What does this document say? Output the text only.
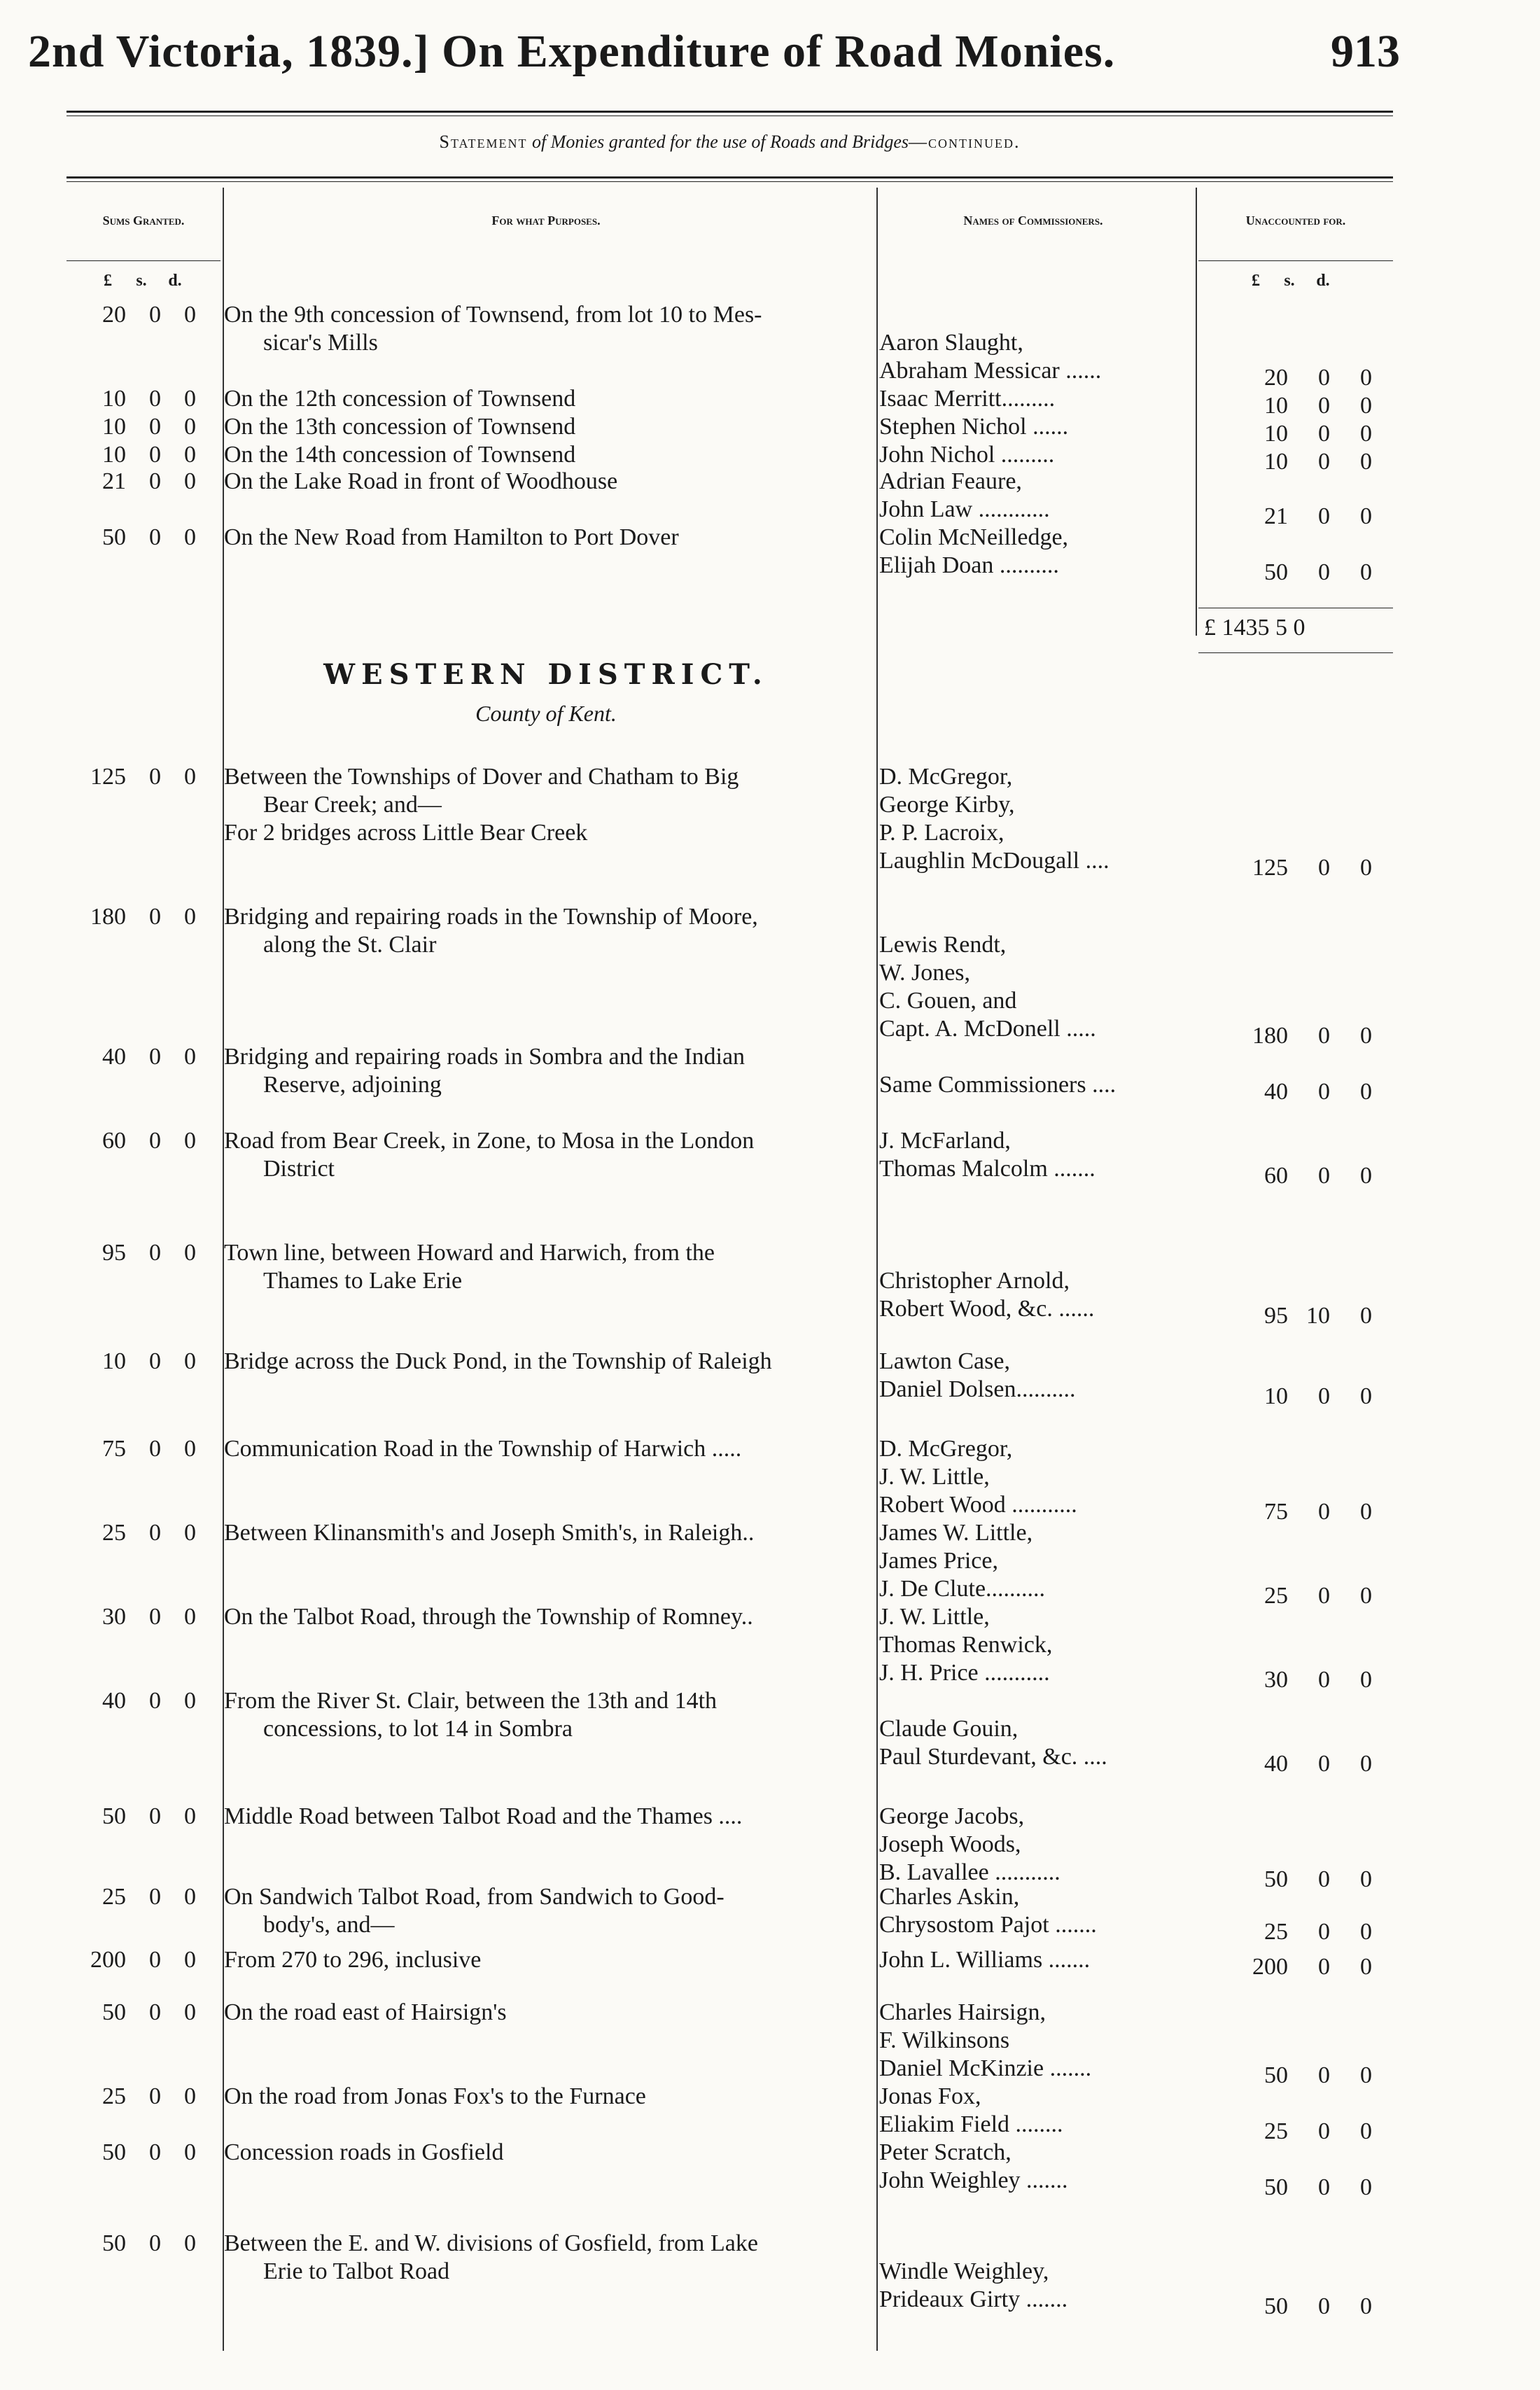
2nd Victoria, 1839.] On Expenditure of Road Monies.	913
Statement of Monies granted for the use of Roads and Bridges—continued.
Sums Granted.	For what Purposes.	Names of Commissioners.	Unaccounted for.
£ s. d.	£ s. d.
£ 1435 5 0
WESTERN DISTRICT.
County of Kent.
20 0 0	On the 9th concession of Townsend, from lot 10 to Mes-
sicar's Mills
	Aaron Slaught,
Abraham Messicar ......	20 0 0
10 0 0	On the 12th concession of Townsend	Isaac Merritt.........	10 0 0
10 0 0	On the 13th concession of Townsend	Stephen Nichol ......	10 0 0
10 0 0	On the 14th concession of Townsend	John Nichol .........	10 0 0
21 0 0	On the Lake Road in front of Woodhouse	Adrian Feaure,
John Law ............	21 0 0
50 0 0	On the New Road from Hamilton to Port Dover	Colin McNeilledge,
Elijah Doan ..........	50 0 0
125 0 0	Between the Townships of Dover and Chatham to Big
Bear Creek; and—
For 2 bridges across Little Bear Creek
D. McGregor,
George Kirby,
P. P. Lacroix,
Laughlin McDougall ....	125 0 0
180 0 0	Bridging and repairing roads in the Township of Moore,
along the St. Clair
	Lewis Rendt,
W. Jones,
C. Gouen, and
Capt. A. McDonell .....	180 0 0
40 0 0	Bridging and repairing roads in Sombra and the Indian
Reserve, adjoining
	Same Commissioners ....	40 0 0
60 0 0	Road from Bear Creek, in Zone, to Mosa in the London
District
J. McFarland,
Thomas Malcolm .......	60 0 0
95 0 0	Town line, between Howard and Harwich, from the
Thames to Lake Erie
	Christopher Arnold,
Robert Wood, &c. ......	95 10 0
10 0 0	Bridge across the Duck Pond, in the Township of Raleigh	Lawton Case,
Daniel Dolsen..........	10 0 0
75 0 0	Communication Road in the Township of Harwich .....	D. McGregor,
J. W. Little,
Robert Wood ...........	75 0 0
25 0 0	Between Klinansmith's and Joseph Smith's, in Raleigh..	James W. Little,
James Price,
J. De Clute..........	25 0 0
30 0 0	On the Talbot Road, through the Township of Romney..	J. W. Little,
Thomas Renwick,
J. H. Price ...........	30 0 0
40 0 0	From the River St. Clair, between the 13th and 14th
concessions, to lot 14 in Sombra
	Claude Gouin,
Paul Sturdevant, &c. ....	40 0 0
50 0 0	Middle Road between Talbot Road and the Thames ....	George Jacobs,
Joseph Woods,
B. Lavallee ...........	50 0 0
25 0 0	On Sandwich Talbot Road, from Sandwich to Good-
body's, and—
Charles Askin,
Chrysostom Pajot .......	25 0 0
200 0 0	From 270 to 296, inclusive	John L. Williams .......	200 0 0
50 0 0	On the road east of Hairsign's	Charles Hairsign,
F. Wilkinsons
Daniel McKinzie .......	50 0 0
25 0 0	On the road from Jonas Fox's to the Furnace	Jonas Fox,
Eliakim Field ........	25 0 0
50 0 0	Concession roads in Gosfield	Peter Scratch,
John Weighley .......	50 0 0
50 0 0	Between the E. and W. divisions of Gosfield, from Lake
Erie to Talbot Road
	Windle Weighley,
Prideaux Girty .......	50 0 0
